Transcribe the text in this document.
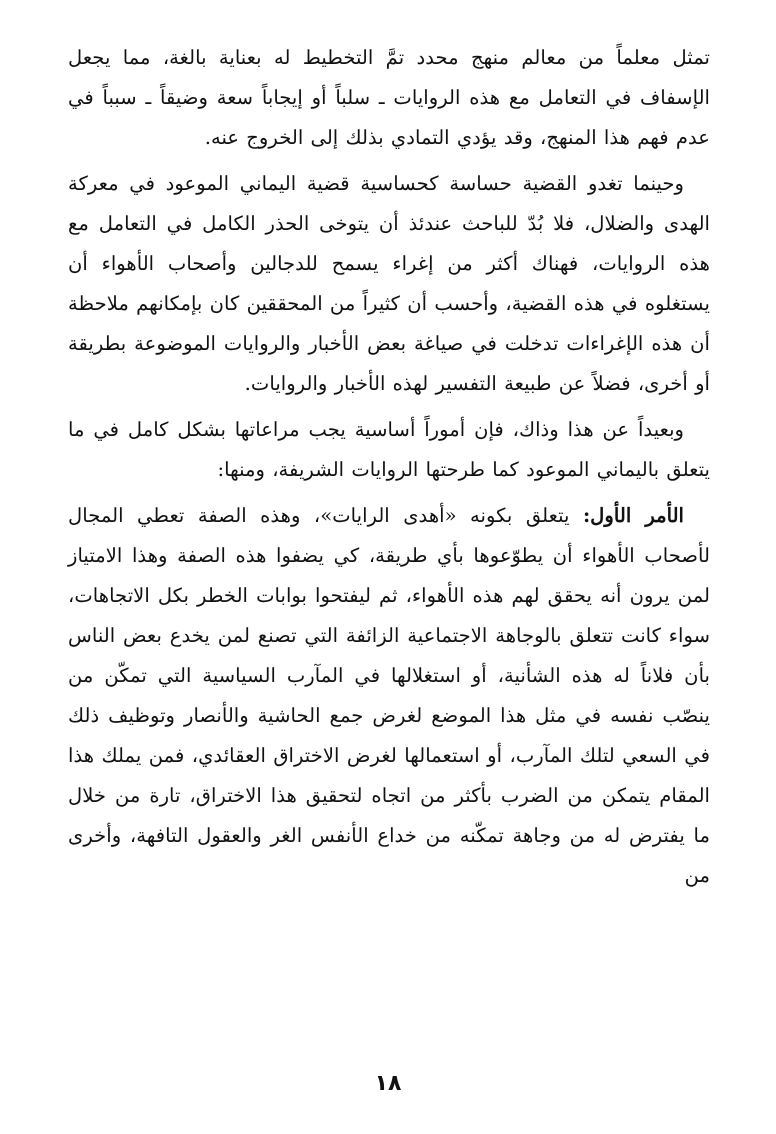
تمثل معلماً من معالم منهج محدد تمَّ التخطيط له بعناية بالغة، مما يجعل الإسفاف في التعامل مع هذه الروايات ـ سلباً أو إيجاباً سعة وضيقاً ـ سبباً في عدم فهم هذا المنهج، وقد يؤدي التمادي بذلك إلى الخروج عنه.

وحينما تغدو القضية حساسة كحساسية قضية اليماني الموعود في معركة الهدى والضلال، فلا بُدّ للباحث عندئذ أن يتوخى الحذر الكامل في التعامل مع هذه الروايات، فهناك أكثر من إغراء يسمح للدجالين وأصحاب الأهواء أن يستغلوه في هذه القضية، وأحسب أن كثيراً من المحققين كان بإمكانهم ملاحظة أن هذه الإغراءات تدخلت في صياغة بعض الأخبار والروايات الموضوعة بطريقة أو أخرى، فضلاً عن طبيعة التفسير لهذه الأخبار والروايات.

وبعيداً عن هذا وذاك، فإن أموراً أساسية يجب مراعاتها بشكل كامل في ما يتعلق باليماني الموعود كما طرحتها الروايات الشريفة، ومنها:

الأمر الأول: يتعلق بكونه «أهدى الرايات»، وهذه الصفة تعطي المجال لأصحاب الأهواء أن يطوّعوها بأي طريقة، كي يضفوا هذه الصفة وهذا الامتياز لمن يرون أنه يحقق لهم هذه الأهواء، ثم ليفتحوا بوابات الخطر بكل الاتجاهات، سواء كانت تتعلق بالوجاهة الاجتماعية الزائفة التي تصنع لمن يخدع بعض الناس بأن فلاناً له هذه الشأنية، أو استغلالها في المآرب السياسية التي تمكّن من ينصّب نفسه في مثل هذا الموضع لغرض جمع الحاشية والأنصار وتوظيف ذلك في السعي لتلك المآرب، أو استعمالها لغرض الاختراق العقائدي، فمن يملك هذا المقام يتمكن من الضرب بأكثر من اتجاه لتحقيق هذا الاختراق، تارة من خلال ما يفترض له من وجاهة تمكّنه من خداع الأنفس الغر والعقول التافهة، وأخرى من

١٨
